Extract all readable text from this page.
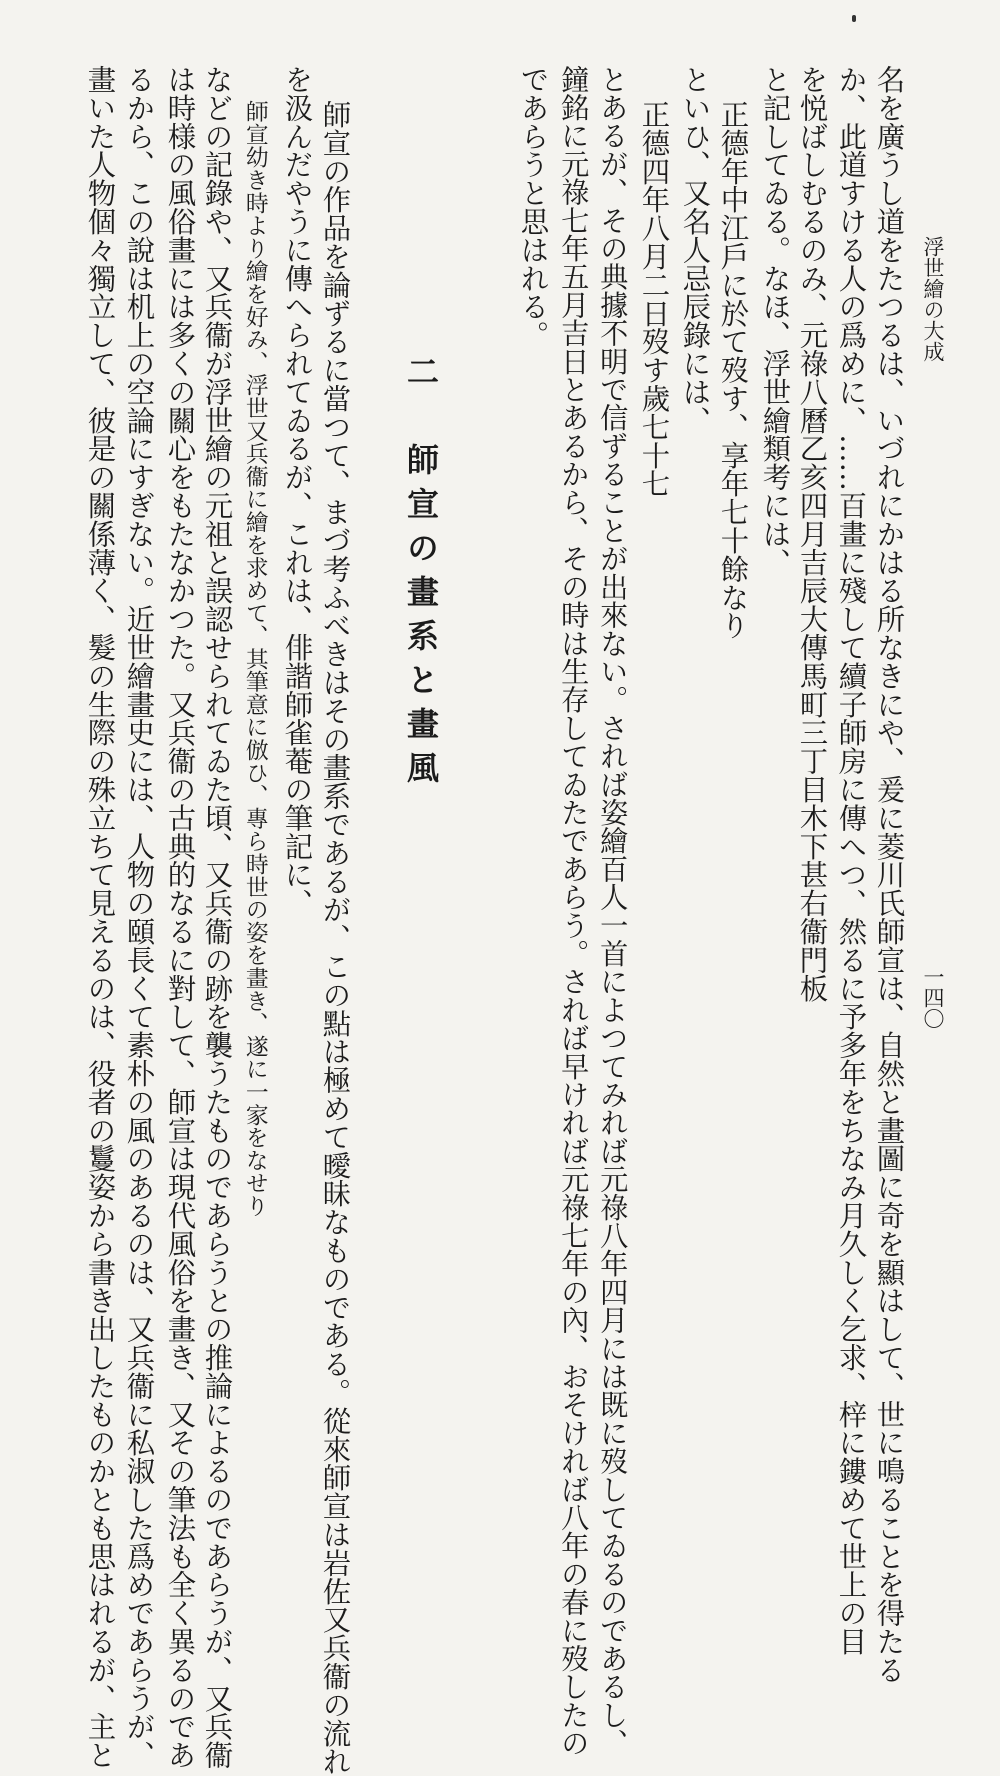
浮世繪の大成
一四〇
名を廣うし道をたつるは、いづれにかはる所なきにや、爰に菱川氏師宣は、自然と畫圖に奇を顯はして、世に鳴ることを得たる
か、此道すける人の爲めに、……百畫に殘して續子師房に傳へつ、然るに予多年をちなみ月久しく乞求、梓に鏤めて世上の目
を悦ばしむるのみ、元祿八曆乙亥四月吉辰大傳馬町三丁目木下甚右衞門板
と記してゐる。なほ、浮世繪類考には、
正德年中江戶に於て歿す、享年七十餘なり
といひ、又名人忌辰錄には、
正德四年八月二日歿す歲七十七
とあるが、その典據不明で信ずることが出來ない。されば姿繪百人一首によつてみれば元祿八年四月には既に歿してゐるのであるし、
鐘銘に元祿七年五月吉日とあるから、その時は生存してゐたであらう。されば早ければ元祿七年の內、おそければ八年の春に歿したの
であらうと思はれる。
二　師宣の畫系と畫風
師宣の作品を論ずるに當つて、まづ考ふべきはその畫系であるが、この點は極めて曖昧なものである。從來師宣は岩佐又兵衞の流れ
を汲んだやうに傳へられてゐるが、これは、俳諧師雀菴の筆記に、
師宣幼き時より繪を好み、浮世又兵衞に繪を求めて、其筆意に倣ひ、專ら時世の姿を畫き、遂に一家をなせり
などの記錄や、又兵衞が浮世繪の元祖と誤認せられてゐた頃、又兵衞の跡を襲うたものであらうとの推論によるのであらうが、又兵衞
は時様の風俗畫には多くの關心をもたなかつた。又兵衞の古典的なるに對して、師宣は現代風俗を畫き、又その筆法も全く異るのであ
るから、この說は机上の空論にすぎない。近世繪畫史には、人物の頤長くて素朴の風のあるのは、又兵衞に私淑した爲めであらうが、
畫いた人物個々獨立して、彼是の關係薄く、髮の生際の殊立ちて見えるのは、役者の鬘姿から書き出したものかとも思はれるが、主と
